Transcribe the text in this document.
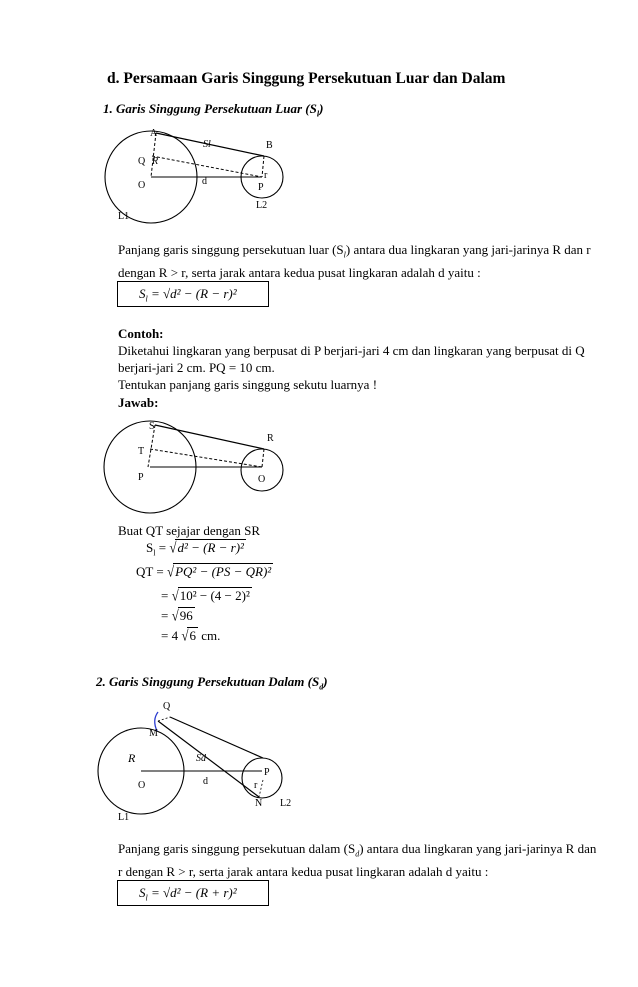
d. Persamaan Garis Singgung Persekutuan Luar dan Dalam
1. Garis Singgung Persekutuan Luar $(S_l)$
A
Sl	B
Q R
r
O	d
P
L2
L1
S
R
T
P	O
Q
M
R	Sd
P
O	d	r
N L2
L1
Panjang garis singgung persekutuan luar $(S_l)$ antara dua lingkaran yang jari-jarinya R dan r
dengan R > r, serta jarak antara kedua pusat lingkaran adalah d yaitu :
$S_l = √d^2 - (R - r)^2$
Contoh:
Diketahui lingkaran yang berpusat di P berjari-jari 4 cm dan lingkaran yang berpusat di Q
berjari-jari 2 cm. PQ = 10 cm.
Tentukan panjang garis singgung sekutu luarnya !
Jawab:
Buat QT sejajar dengan SR
$S_l = √d^2 - (R - r)^2$
QT = √PQ² − (PS − QR)²
= √10² − (4 − 2)²
= √96
= 4 √6 cm.
2. Garis Singgung Persekutuan Dalam $(S_d)$
Panjang garis singgung persekutuan dalam $(S_d)$ antara dua lingkaran yang jari-jarinya R dan
r dengan R > r, serta jarak antara kedua pusat lingkaran adalah d yaitu :
$S_l = √d^2 - (R + r)^2$
